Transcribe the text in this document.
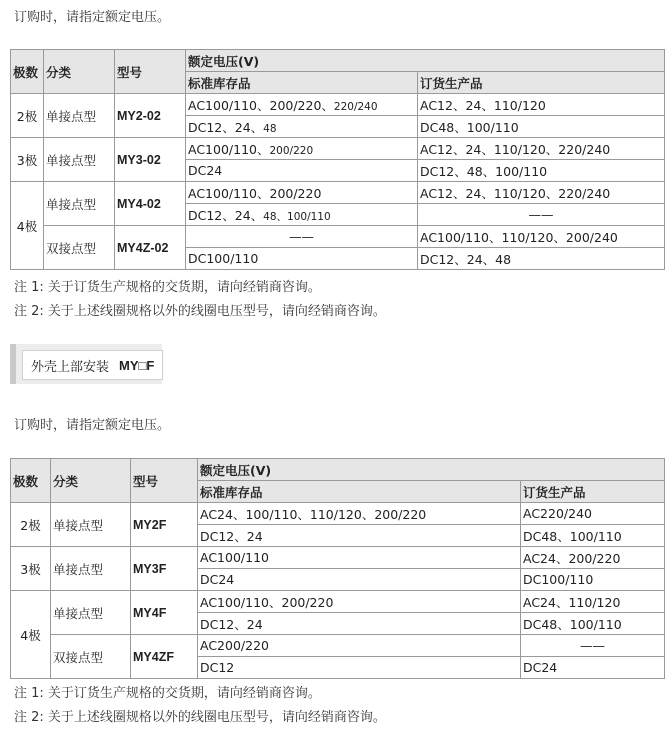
订购时，请指定额定电压。

极数	分类	型号	额定电压(V)	
			标准库存品	订货生产品
2极	单接点型	MY2-02	AC100/110、200/220、220/240	AC12、24、110/120
			DC12、24、48	DC48、100/110
3极	单接点型	MY3-02	AC100/110、200/220	AC12、24、110/120、220/240
			DC24	DC12、48、100/110
4极	单接点型	MY4-02	AC100/110、200/220	AC12、24、110/120、220/240
			DC12、24、48、100/110	——
	双接点型	MY4Z-02	——	AC100/110、110/120、200/240
			DC100/110	DC12、24、48

注 1: 关于订货生产规格的交货期，请向经销商咨询。

注 2: 关于上述线圈规格以外的线圈电压型号，请向经销商咨询。

外壳上部安装 MY□F

订购时，请指定额定电压。

极数	分类	型号	额定电压(V)	
			标准库存品	订货生产品
2极	单接点型	MY2F	AC24、100/110、110/120、200/220	AC220/240
			DC12、24	DC48、100/110
3极	单接点型	MY3F	AC100/110	AC24、200/220
			DC24	DC100/110
4极	单接点型	MY4F	AC100/110、200/220	AC24、110/120
			DC12、24	DC48、100/110
	双接点型	MY4ZF	AC200/220	——
			DC12	DC24

注 1: 关于订货生产规格的交货期，请向经销商咨询。

注 2: 关于上述线圈规格以外的线圈电压型号，请向经销商咨询。
